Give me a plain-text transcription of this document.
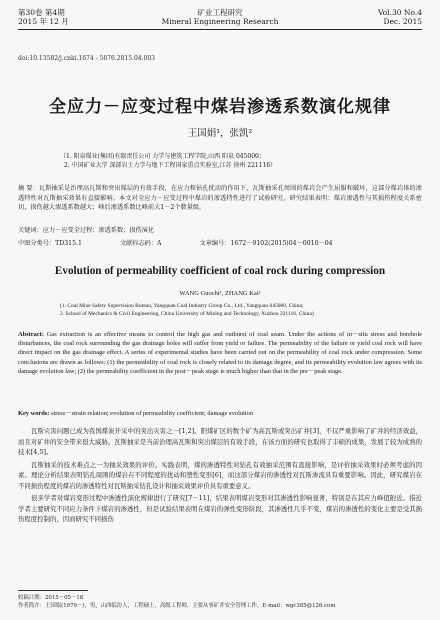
第30卷 第4期
2015 年 12 月
矿业工程研究
Mineral Engineering Research
Vol.30 No.4
Dec. 2015
doi:10.13582/j.cnki.1674 - 5876.2015.04.003
全应力－应变过程中煤岩渗透系数演化规律
王国娟¹，张凯²
（1. 阳泉煤业(集团)有限责任公司 力学与建筑工程学院,山西 阳泉 045000；
2. 中国矿业大学 深部岩土力学与地下工程国家重点实验室,江苏 徐州 221116）
摘 要：瓦斯抽采是治理高瓦斯和突出煤层的有效手段，在应力和钻孔扰动的作用下，瓦斯抽采孔周围的煤岩会产生屈服和破坏，这部分煤岩体的渗透特性对瓦斯抽采效果有直接影响。本文对全应力－应变过程中煤岩的渗透特性进行了试验研究，研究结果表明：煤岩渗透性与其损伤程度关系密切，损伤越大渗透系数越大；峰后渗透系数比峰前大1－2个数量级。
关键词：应力－应变全过程；渗透系数；损伤演化
中图分类号：TD315.1	文献标志码：A	文章编号：1672－9102(2015)04－0010－04
Evolution of permeability coefficient of coal rock during compression
WANG Guochi¹, ZHANG Kai²
(1. Coal Mine Safety Supervision Bureau, Yangquan Coal Industry Group Co., Ltd., Yangquan 045000, China;
2. School of Mechanics & Civil Engineering, China University of Mining and Technology, Xuzhou 221116, China)
Abstract: Gas extraction is an effective means to control the high gas and outburst of coal seam. Under the actions of in－situ stress and borehole disturbances, the coal rock surrounding the gas drainage holes will suffer from yield or failure. The permeability of the failure or yield coal rock will have direct impact on the gas drainage effect. A series of experimental studies have been carried out on the permeability of coal rock under compression. Some conclusions are drawn as follows: (1) the permeability of coal rock is closely related to its damage degree, and its permeability evolution law agrees with its damage evolution law; (2) the permeability coefficient in the post－peak stage is much higher than that in the pre－peak stage.
Key words: stress－strain relation; evolution of permeability coefficient; damage evolution

瓦斯灾害问题已成为我国煤炭开采中的突出灾害之一[1,2]。阳煤矿区的数个矿为高瓦斯或突出矿井[3]，不仅严重影响了矿井的经济效益，而且对矿井的安全带来很大威胁。瓦斯抽采是当前治理高瓦斯和突出煤层的有效手段，在该方面的研究也取得了丰硕的成果，发展了较为成熟的技术[4,5]。

瓦斯抽采的技术难点之一为抽采效果的评价。实践表明，煤的渗透特性对钻孔有效抽采范围有直接影响，是评价抽采效果时必须考虑的因素。理论分析结果表明钻孔周围的煤岩在不同程度的扰动和塑性变形[6]，而这部分煤岩的渗透性对瓦斯渗流具有重要影响。因此，研究煤岩在不同损伤程度的煤岩的渗透特性对瓦斯抽采钻孔设计和抽采效果评价具有重要意义。

很多学者对煤岩变形过程中渗透性演化规律进行了研究[7－11]，结果表明煤岩变形对其渗透性影响显著，特别是在其应力峰值附近。指近学者主要研究不同应力条件下煤岩的渗透性，但是试验结果表明在煤岩的弹性变形阶段，其渗透性几乎不变，煤岩的渗透性的变化主要是受其损伤程度控制的，因而研究不同损伤

收稿日期：2015－05－18
作者简介：王国娟(1979－)，男，山西临汾人，工程硕士，高级工程师，主要从事矿井安全管理工作。E-mail：wgc305@126.com
